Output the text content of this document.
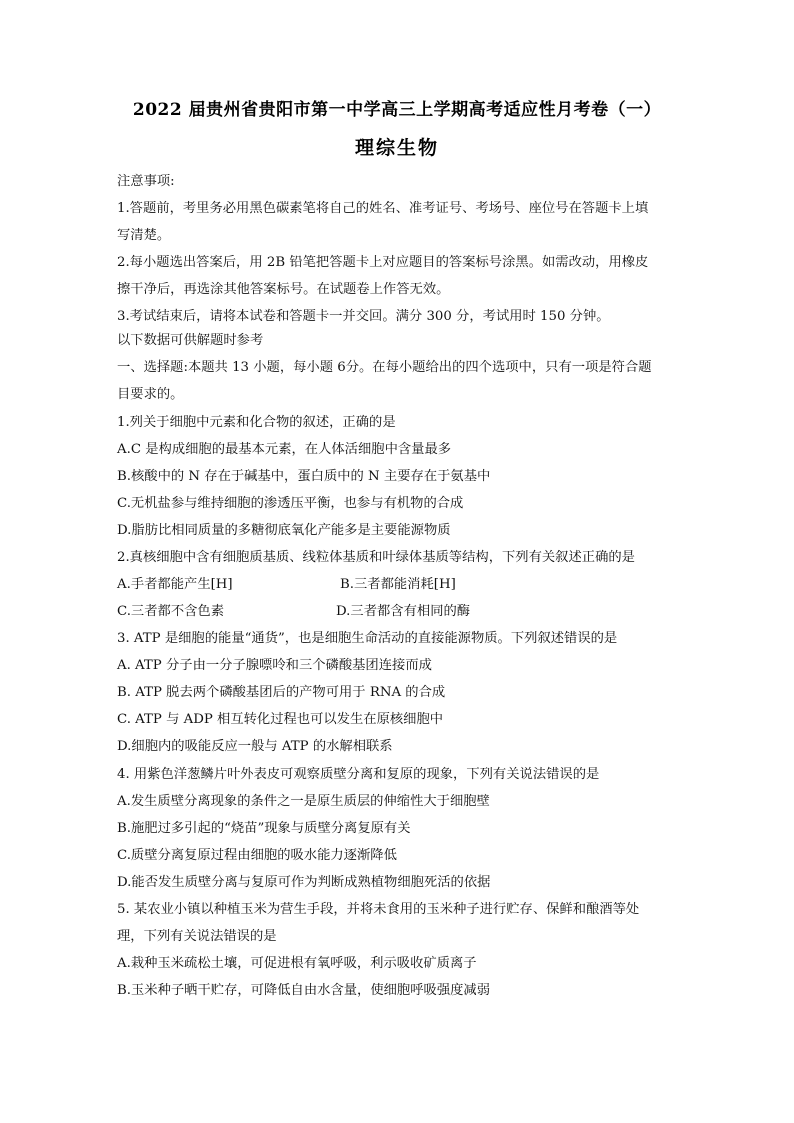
2022 届贵州省贵阳市第一中学高三上学期高考适应性月考卷（一）
理综生物
注意事项:
1.答题前，考里务必用黑色碳素笔将自己的姓名、准考证号、考场号、座位号在答题卡上填
写清楚。
2.每小题选出答案后，用 2B 铅笔把答题卡上对应题目的答案标号涂黑。如需改动，用橡皮
擦干净后，再选涂其他答案标号。在试题卷上作答无效。
3.考试结束后，请将本试卷和答题卡一并交回。满分 300 分，考试用时 150 分钟。
以下数据可供解题时参考
一、选择题:本题共 13 小题，每小题 6分。在每小题给出的四个选项中，只有一项是符合题
目要求的。
1.列关于细胞中元素和化合物的叙述，正确的是
A.C 是构成细胞的最基本元素，在人体活细胞中含量最多
B.核酸中的 N 存在于碱基中，蛋白质中的 N 主要存在于氨基中
C.无机盐参与维持细胞的渗透压平衡，也参与有机物的合成
D.脂肪比相同质量的多糖彻底氧化产能多是主要能源物质
2.真核细胞中含有细胞质基质、线粒体基质和叶绿体基质等结构，下列有关叙述正确的是
A.手者都能产生[H]	B.三者都能消耗[H]
C.三者都不含色素	D.三者都含有相同的酶
3. ATP 是细胞的能量“通货”，也是细胞生命活动的直接能源物质。下列叙述错误的是
A. ATP 分子由一分子腺嘌呤和三个磷酸基团连接而成
B. ATP 脱去两个磷酸基团后的产物可用于 RNA 的合成
C. ATP 与 ADP 相互转化过程也可以发生在原核细胞中
D.细胞内的吸能反应一般与 ATP 的水解相联系
4. 用紫色洋葱鳞片叶外表皮可观察质壁分离和复原的现象，下列有关说法错误的是
A.发生质壁分离现象的条件之一是原生质层的伸缩性大于细胞壁
B.施肥过多引起的“烧苗”现象与质壁分离复原有关
C.质壁分离复原过程由细胞的吸水能力逐渐降低
D.能否发生质壁分离与复原可作为判断成熟植物细胞死活的依据
5. 某农业小镇以种植玉米为营生手段，并将未食用的玉米种子进行贮存、保鲜和酿酒等处
理，下列有关说法错误的是
A.栽种玉米疏松土壤，可促进根有氧呼吸，利示吸收矿质离子
B.玉米种子晒干贮存，可降低自由水含量，使细胞呼吸强度减弱
